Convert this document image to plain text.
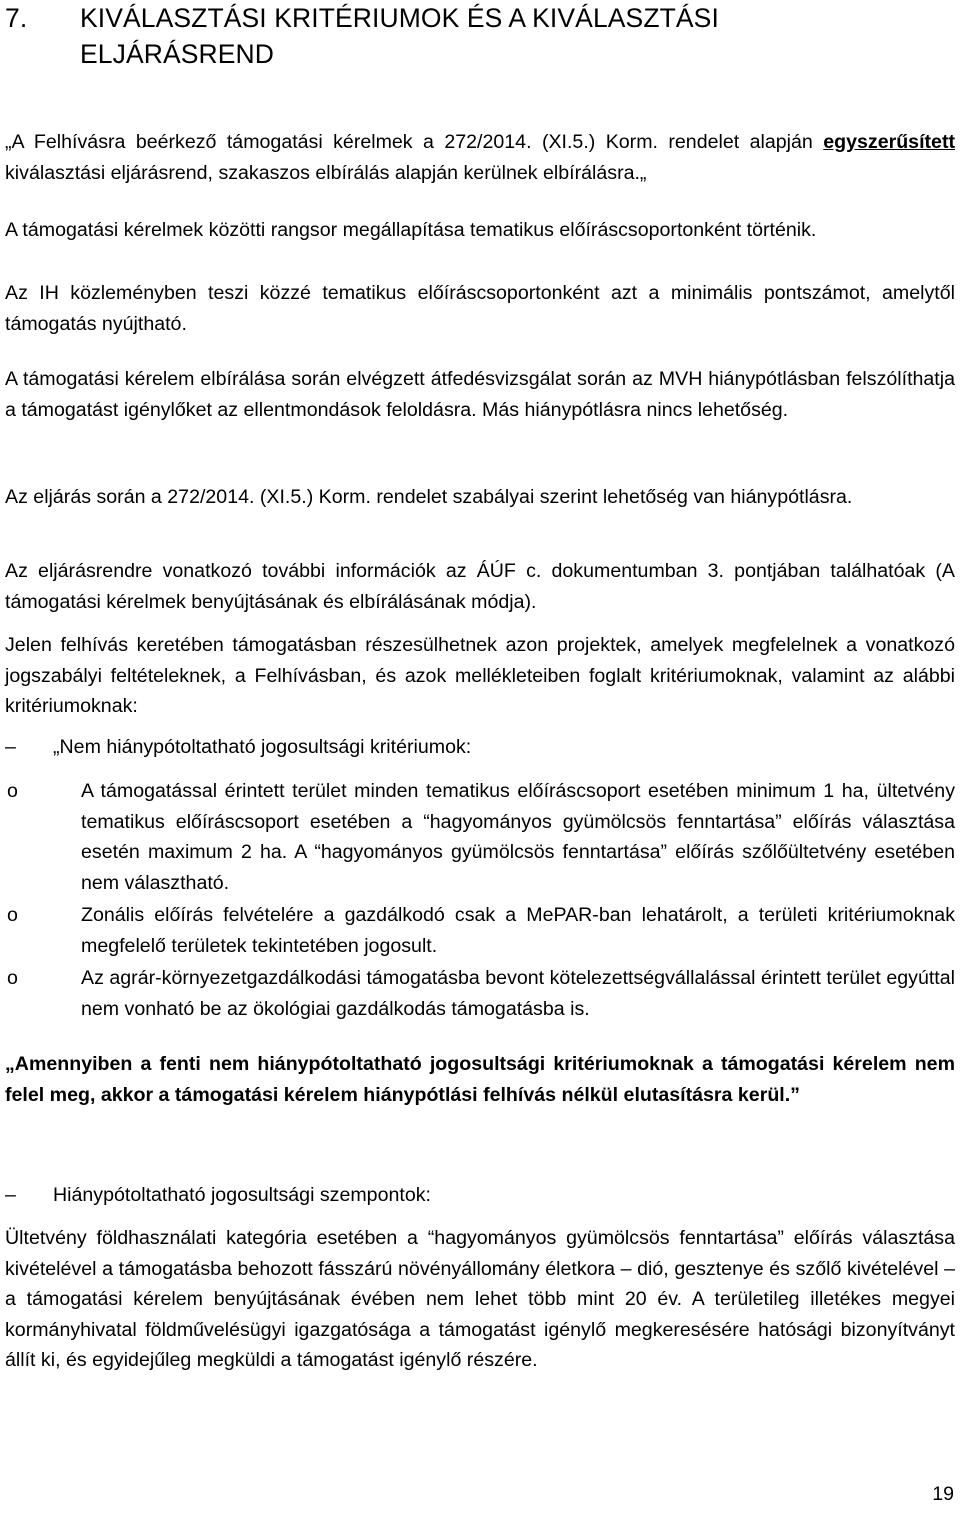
7. KIVÁLASZTÁSI KRITÉRIUMOK ÉS A KIVÁLASZTÁSI
ELJÁRÁSREND

„A Felhívásra beérkező támogatási kérelmek a 272/2014. (XI.5.) Korm. rendelet alapján egyszerűsített kiválasztási eljárásrend, szakaszos elbírálás alapján kerülnek elbírálásra.„

A támogatási kérelmek közötti rangsor megállapítása tematikus előíráscsoportonként történik.

Az IH közleményben teszi közzé tematikus előíráscsoportonként azt a minimális pontszámot, amelytől támogatás nyújtható.

A támogatási kérelem elbírálása során elvégzett átfedésvizsgálat során az MVH hiánypótlásban felszólíthatja a támogatást igénylőket az ellentmondások feloldásra. Más hiánypótlásra nincs lehetőség.

Az eljárás során a 272/2014. (XI.5.) Korm. rendelet szabályai szerint lehetőség van hiánypótlásra.

Az eljárásrendre vonatkozó további információk az ÁÚF c. dokumentumban 3. pontjában találhatóak (A támogatási kérelmek benyújtásának és elbírálásának módja).

Jelen felhívás keretében támogatásban részesülhetnek azon projektek, amelyek megfelelnek a vonatkozó jogszabályi feltételeknek, a Felhívásban, és azok mellékleteiben foglalt kritériumoknak, valamint az alábbi kritériumoknak:

– „Nem hiánypótoltatható jogosultsági kritériumok:
o	A támogatással érintett terület minden tematikus előíráscsoport esetében minimum 1 ha, ültetvény tematikus előíráscsoport esetében a “hagyományos gyümölcsös fenntartása” előírás választása esetén maximum 2 ha. A “hagyományos gyümölcsös fenntartása” előírás szőlőültetvény esetében nem választható.
o	Zonális előírás felvételére a gazdálkodó csak a MePAR-ban lehatárolt, a területi kritériumoknak megfelelő területek tekintetében jogosult.
o	Az agrár-környezetgazdálkodási támogatásba bevont kötelezettségvállalással érintett terület egyúttal nem vonható be az ökológiai gazdálkodás támogatásba is.

„Amennyiben a fenti nem hiánypótoltatható jogosultsági kritériumoknak a támogatási kérelem nem felel meg, akkor a támogatási kérelem hiánypótlási felhívás nélkül elutasításra kerül.”

– Hiánypótoltatható jogosultsági szempontok:

Ültetvény földhasználati kategória esetében a “hagyományos gyümölcsös fenntartása” előírás választása kivételével a támogatásba behozott fásszárú növényállomány életkora – dió, gesztenye és szőlő kivételével – a támogatási kérelem benyújtásának évében nem lehet több mint 20 év. A területileg illetékes megyei kormányhivatal földművelésügyi igazgatósága a támogatást igénylő megkeresésére hatósági bizonyítványt állít ki, és egyidejűleg megküldi a támogatást igénylő részére.

19
